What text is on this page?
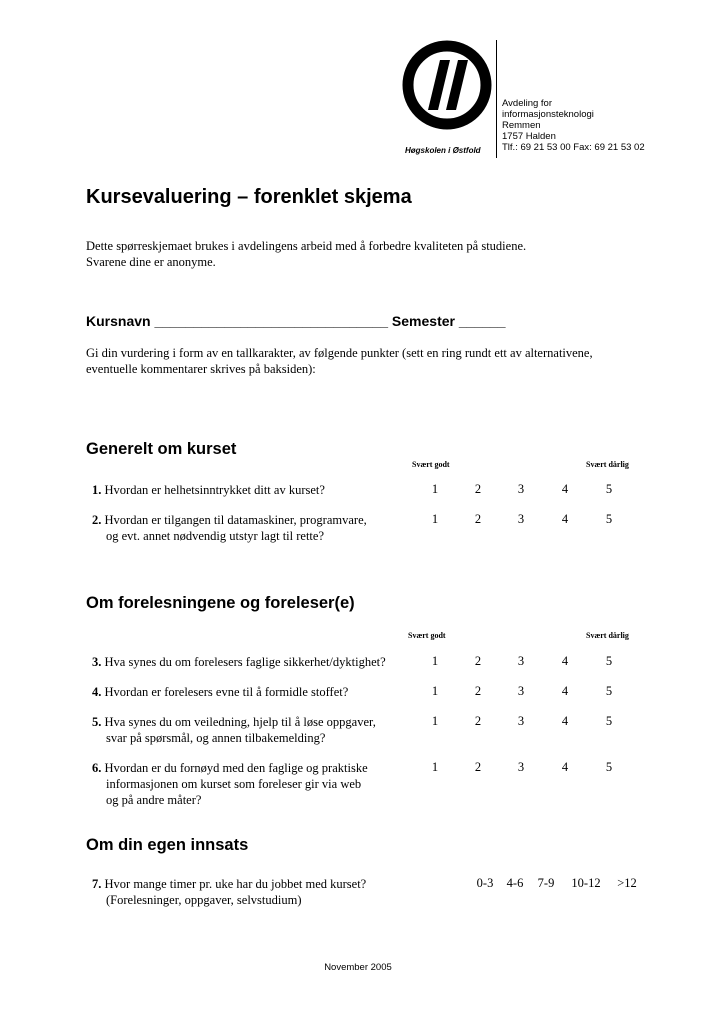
Høgskolen i Østfold
Avdeling for
informasjonsteknologi
Remmen
1757 Halden
Tlf.: 69 21 53 00 Fax: 69 21 53 02
Kursevaluering – forenklet skjema
Dette spørreskjemaet brukes i avdelingens arbeid med å forbedre kvaliteten på studiene.
Svarene dine er anonyme.
Kursnavn ______________________________ Semester ______
Gi din vurdering i form av en tallkarakter, av følgende punkter (sett en ring rundt ett av alternativene,
eventuelle kommentarer skrives på baksiden):
Generelt om kurset
Svært godt	Svært dårlig
1. Hvordan er helhetsinntrykket ditt av kurset?	1	2	3	4	5
2. Hvordan er tilgangen til datamaskiner, programvare,
og evt. annet nødvendig utstyr lagt til rette?
1	2	3	4	5
Om forelesningene og foreleser(e)
Svært godt	Svært dårlig
3. Hva synes du om forelesers faglige sikkerhet/dyktighet?	1	2	3	4	5
4. Hvordan er forelesers evne til å formidle stoffet?	1	2	3	4	5
5. Hva synes du om veiledning, hjelp til å løse oppgaver,
svar på spørsmål, og annen tilbakemelding?
1	2	3	4	5
6. Hvordan er du fornøyd med den faglige og praktiske
informasjonen om kurset som foreleser gir via web
og på andre måter?
1	2	3	4	5
Om din egen innsats
7. Hvor mange timer pr. uke har du jobbet med kurset?
(Forelesninger, oppgaver, selvstudium)
0-3	4-6	7-9	10-12	>12
November 2005
